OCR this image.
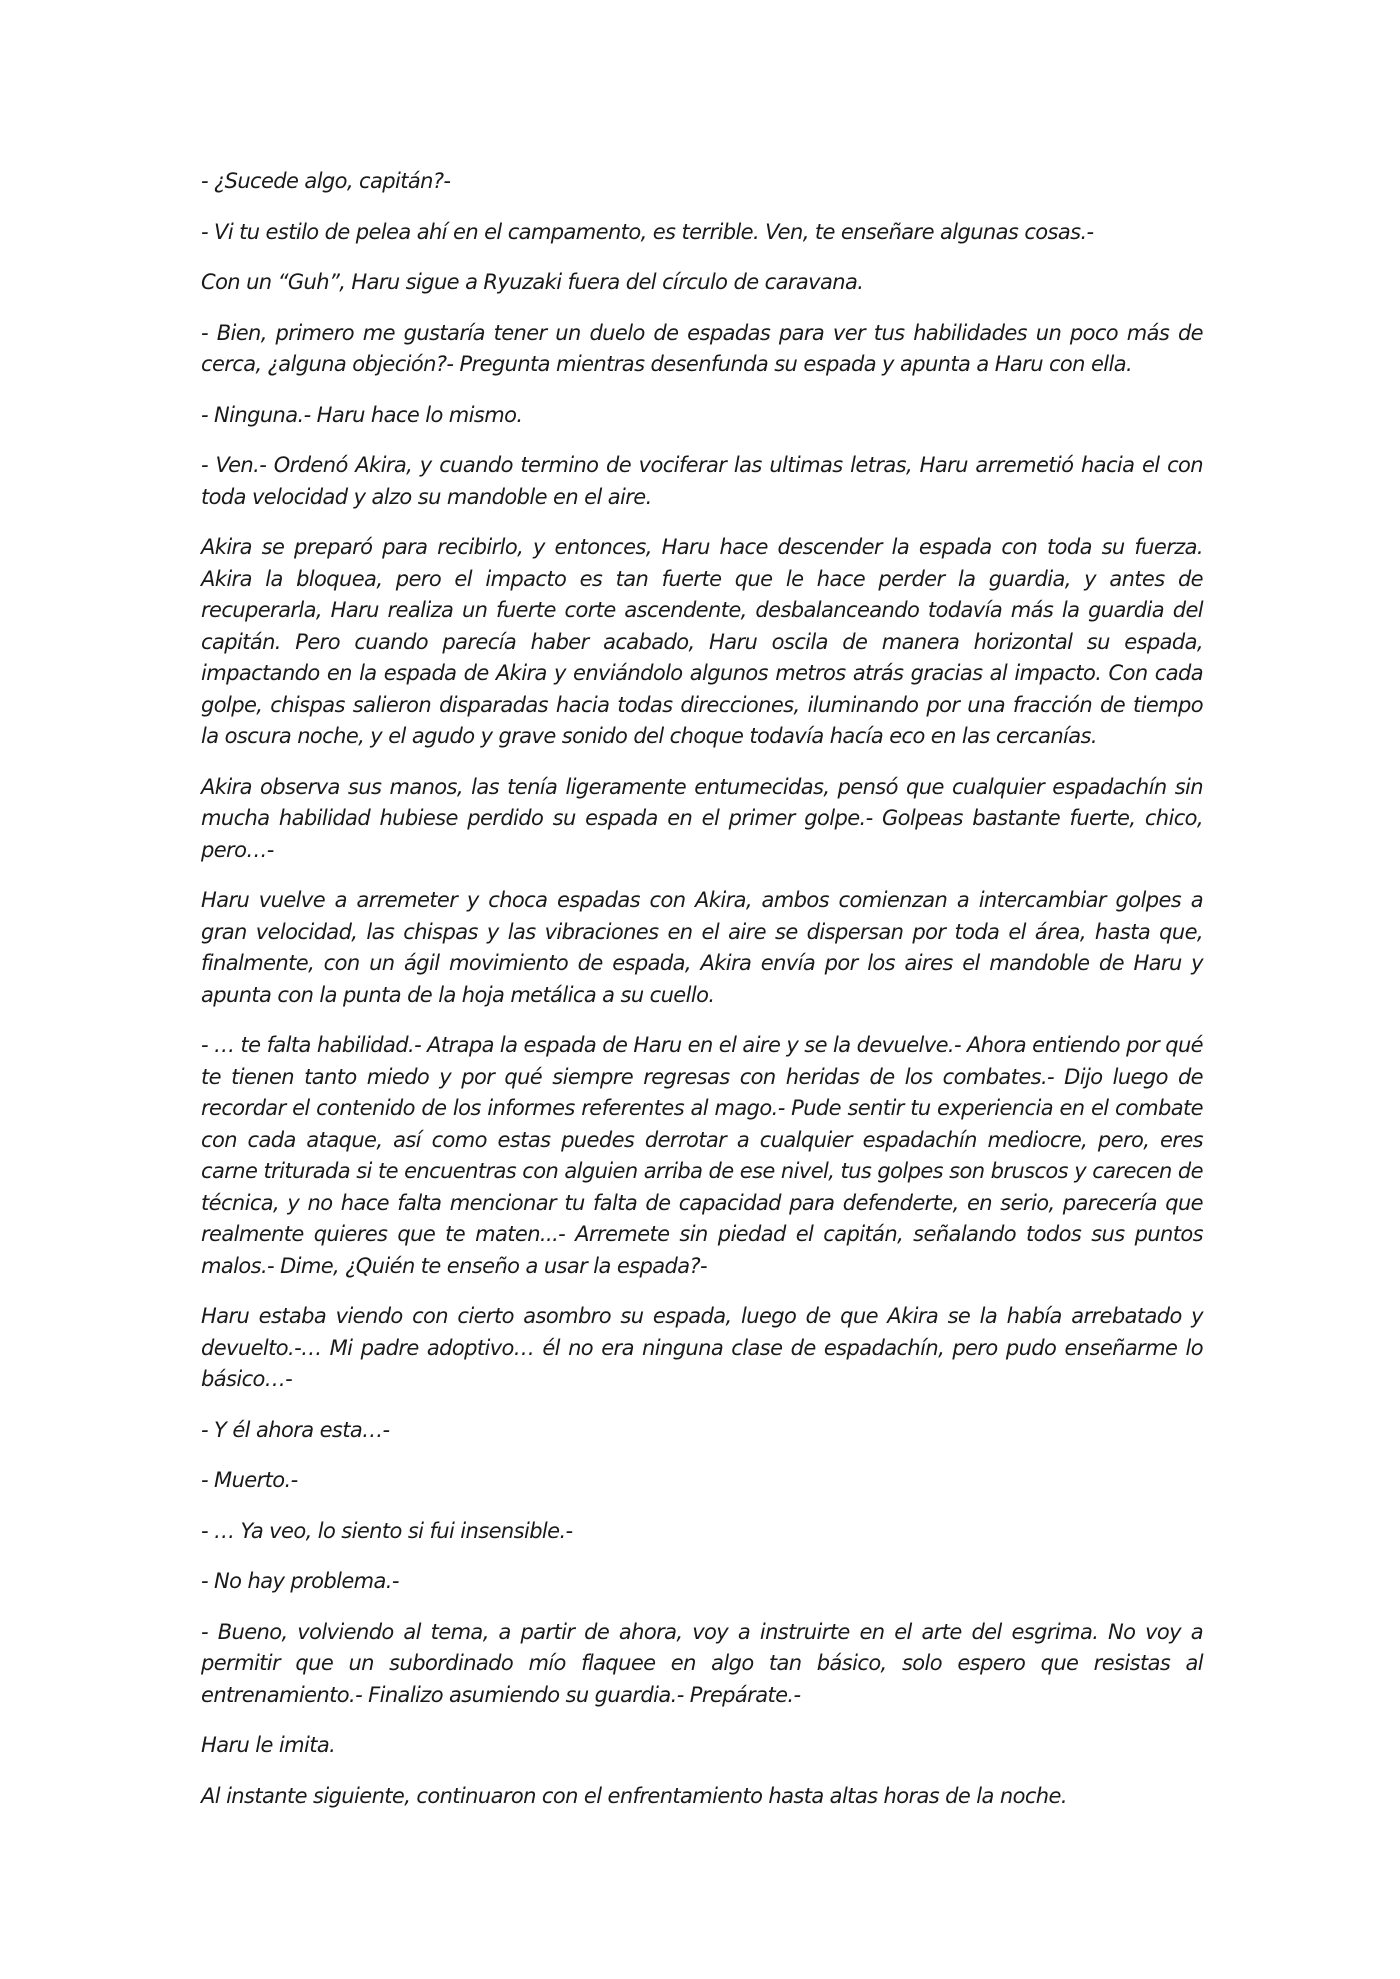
- ¿Sucede algo, capitán?-

- Vi tu estilo de pelea ahí en el campamento, es terrible. Ven, te enseñare algunas cosas.-

Con un “Guh”, Haru sigue a Ryuzaki fuera del círculo de caravana.

- Bien, primero me gustaría tener un duelo de espadas para ver tus habilidades un poco más de cerca, ¿alguna objeción?- Pregunta mientras desenfunda su espada y apunta a Haru con ella.

- Ninguna.- Haru hace lo mismo.

- Ven.- Ordenó Akira, y cuando termino de vociferar las ultimas letras, Haru arremetió hacia el con toda velocidad y alzo su mandoble en el aire.

Akira se preparó para recibirlo, y entonces, Haru hace descender la espada con toda su fuerza. Akira la bloquea, pero el impacto es tan fuerte que le hace perder la guardia, y antes de recuperarla, Haru realiza un fuerte corte ascendente, desbalanceando todavía más la guardia del capitán. Pero cuando parecía haber acabado, Haru oscila de manera horizontal su espada, impactando en la espada de Akira y enviándolo algunos metros atrás gracias al impacto. Con cada golpe, chispas salieron disparadas hacia todas direcciones, iluminando por una fracción de tiempo la oscura noche, y el agudo y grave sonido del choque todavía hacía eco en las cercanías.

Akira observa sus manos, las tenía ligeramente entumecidas, pensó que cualquier espadachín sin mucha habilidad hubiese perdido su espada en el primer golpe.- Golpeas bastante fuerte, chico, pero…-

Haru vuelve a arremeter y choca espadas con Akira, ambos comienzan a intercambiar golpes a gran velocidad, las chispas y las vibraciones en el aire se dispersan por toda el área, hasta que, finalmente, con un ágil movimiento de espada, Akira envía por los aires el mandoble de Haru y apunta con la punta de la hoja metálica a su cuello.

- … te falta habilidad.- Atrapa la espada de Haru en el aire y se la devuelve.- Ahora entiendo por qué te tienen tanto miedo y por qué siempre regresas con heridas de los combates.- Dijo luego de recordar el contenido de los informes referentes al mago.- Pude sentir tu experiencia en el combate con cada ataque, así como estas puedes derrotar a cualquier espadachín mediocre, pero, eres carne triturada si te encuentras con alguien arriba de ese nivel, tus golpes son bruscos y carecen de técnica, y no hace falta mencionar tu falta de capacidad para defenderte, en serio, parecería que realmente quieres que te maten...- Arremete sin piedad el capitán, señalando todos sus puntos malos.- Dime, ¿Quién te enseño a usar la espada?-

Haru estaba viendo con cierto asombro su espada, luego de que Akira se la había arrebatado y devuelto.-… Mi padre adoptivo… él no era ninguna clase de espadachín, pero pudo enseñarme lo básico…-

- Y él ahora esta…-

- Muerto.-

- … Ya veo, lo siento si fui insensible.-

- No hay problema.-

- Bueno, volviendo al tema, a partir de ahora, voy a instruirte en el arte del esgrima. No voy a permitir que un subordinado mío flaquee en algo tan básico, solo espero que resistas al entrenamiento.- Finalizo asumiendo su guardia.- Prepárate.-

Haru le imita.

Al instante siguiente, continuaron con el enfrentamiento hasta altas horas de la noche.
